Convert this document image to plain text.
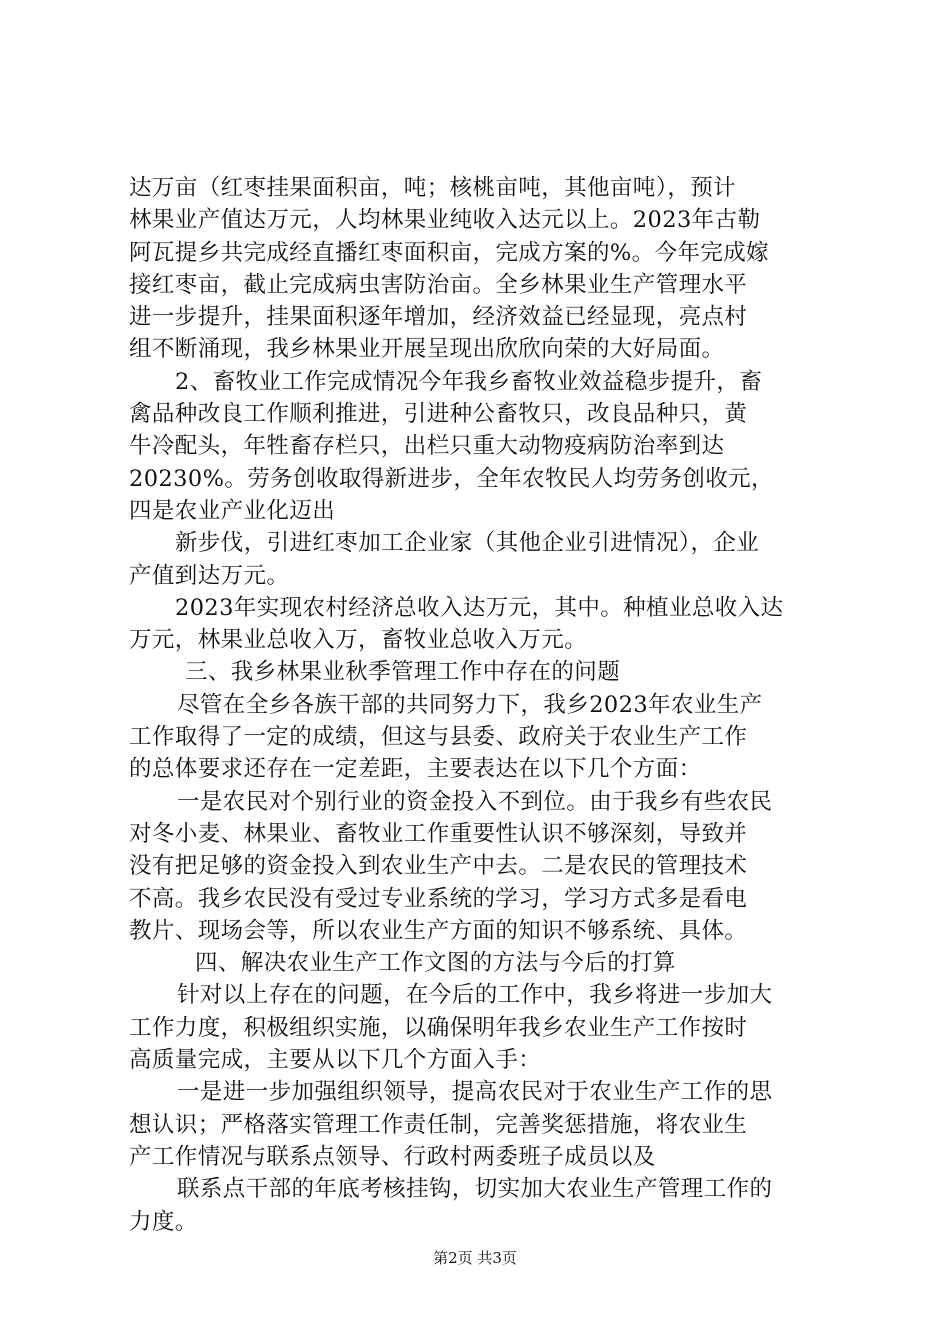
达万亩（红枣挂果面积亩，吨；核桃亩吨，其他亩吨），预计

林果业产值达万元，人均林果业纯收入达元以上。2023年古勒

阿瓦提乡共完成经直播红枣面积亩，完成方案的%。今年完成嫁

接红枣亩，截止完成病虫害防治亩。全乡林果业生产管理水平

进一步提升，挂果面积逐年增加，经济效益已经显现，亮点村

组不断涌现，我乡林果业开展呈现出欣欣向荣的大好局面。

2、畜牧业工作完成情况今年我乡畜牧业效益稳步提升，畜

禽品种改良工作顺利推进，引进种公畜牧只，改良品种只，黄

牛冷配头，年牲畜存栏只，出栏只重大动物疫病防治率到达

20230%。劳务创收取得新进步，全年农牧民人均劳务创收元，

四是农业产业化迈出

新步伐，引进红枣加工企业家（其他企业引进情况），企业

产值到达万元。

2023年实现农村经济总收入达万元，其中。种植业总收入达

万元，林果业总收入万，畜牧业总收入万元。

三、我乡林果业秋季管理工作中存在的问题

尽管在全乡各族干部的共同努力下，我乡2023年农业生产

工作取得了一定的成绩，但这与县委、政府关于农业生产工作

的总体要求还存在一定差距，主要表达在以下几个方面：

一是农民对个别行业的资金投入不到位。由于我乡有些农民

对冬小麦、林果业、畜牧业工作重要性认识不够深刻，导致并

没有把足够的资金投入到农业生产中去。二是农民的管理技术

不高。我乡农民没有受过专业系统的学习，学习方式多是看电

教片、现场会等，所以农业生产方面的知识不够系统、具体。

四、解决农业生产工作文图的方法与今后的打算

针对以上存在的问题，在今后的工作中，我乡将进一步加大

工作力度，积极组织实施，以确保明年我乡农业生产工作按时

高质量完成，主要从以下几个方面入手：

一是进一步加强组织领导，提高农民对于农业生产工作的思

想认识；严格落实管理工作责任制，完善奖惩措施，将农业生

产工作情况与联系点领导、行政村两委班子成员以及

联系点干部的年底考核挂钩，切实加大农业生产管理工作的

力度。

第2页 共3页
